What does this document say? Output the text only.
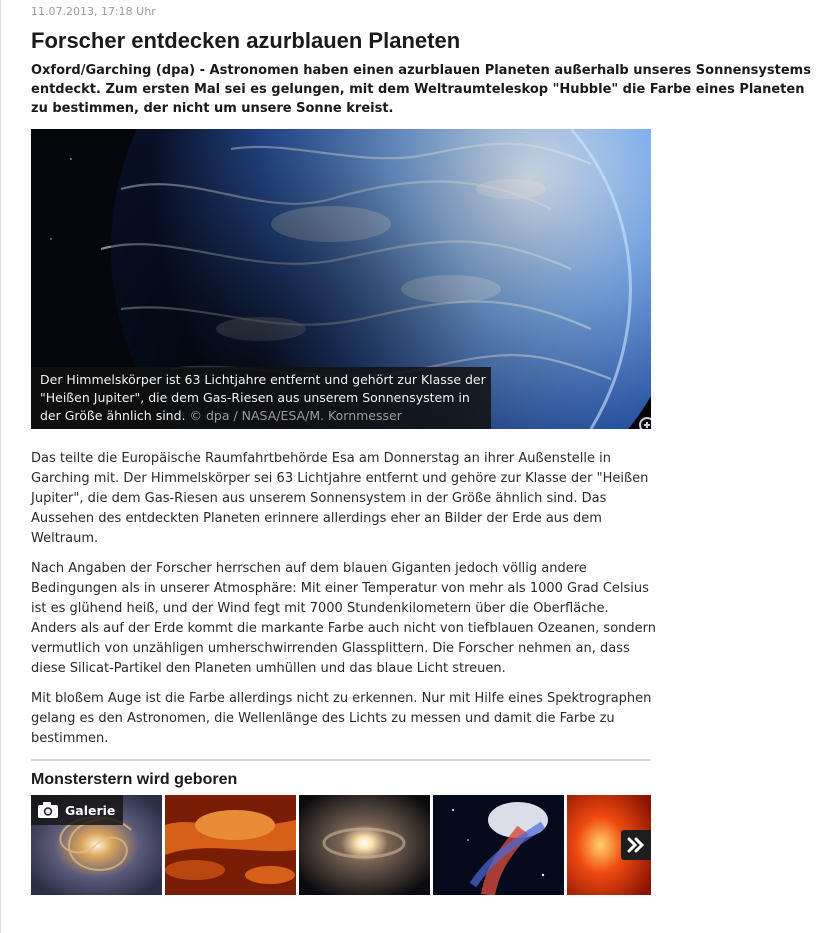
11.07.2013, 17:18 Uhr
Forscher entdecken azurblauen Planeten

Oxford/Garching (dpa) - Astronomen haben einen azurblauen Planeten außerhalb unseres Sonnensystems entdeckt. Zum ersten Mal sei es gelungen, mit dem Weltraumteleskop "Hubble" die Farbe eines Planeten zu bestimmen, der nicht um unsere Sonne kreist.

Der Himmelskörper ist 63 Lichtjahre entfernt und gehört zur Klasse der "Heißen Jupiter", die dem Gas-Riesen aus unserem Sonnensystem in der Größe ähnlich sind. © dpa / NASA/ESA/M. Kornmesser

Das teilte die Europäische Raumfahrtbehörde Esa am Donnerstag an ihrer Außenstelle in Garching mit. Der Himmelskörper sei 63 Lichtjahre entfernt und gehöre zur Klasse der "Heißen Jupiter", die dem Gas-Riesen aus unserem Sonnensystem in der Größe ähnlich sind. Das Aussehen des entdeckten Planeten erinnere allerdings eher an Bilder der Erde aus dem Weltraum.

Nach Angaben der Forscher herrschen auf dem blauen Giganten jedoch völlig andere Bedingungen als in unserer Atmosphäre: Mit einer Temperatur von mehr als 1000 Grad Celsius ist es glühend heiß, und der Wind fegt mit 7000 Stundenkilometern über die Oberfläche. Anders als auf der Erde kommt die markante Farbe auch nicht von tiefblauen Ozeanen, sondern vermutlich von unzähligen umherschwirrenden Glassplittern. Die Forscher nehmen an, dass diese Silicat-Partikel den Planeten umhüllen und das blaue Licht streuen.

Mit bloßem Auge ist die Farbe allerdings nicht zu erkennen. Nur mit Hilfe eines Spektrographen gelang es den Astronomen, die Wellenlänge des Lichts zu messen und damit die Farbe zu bestimmen.

Monsterstern wird geboren
Galerie
